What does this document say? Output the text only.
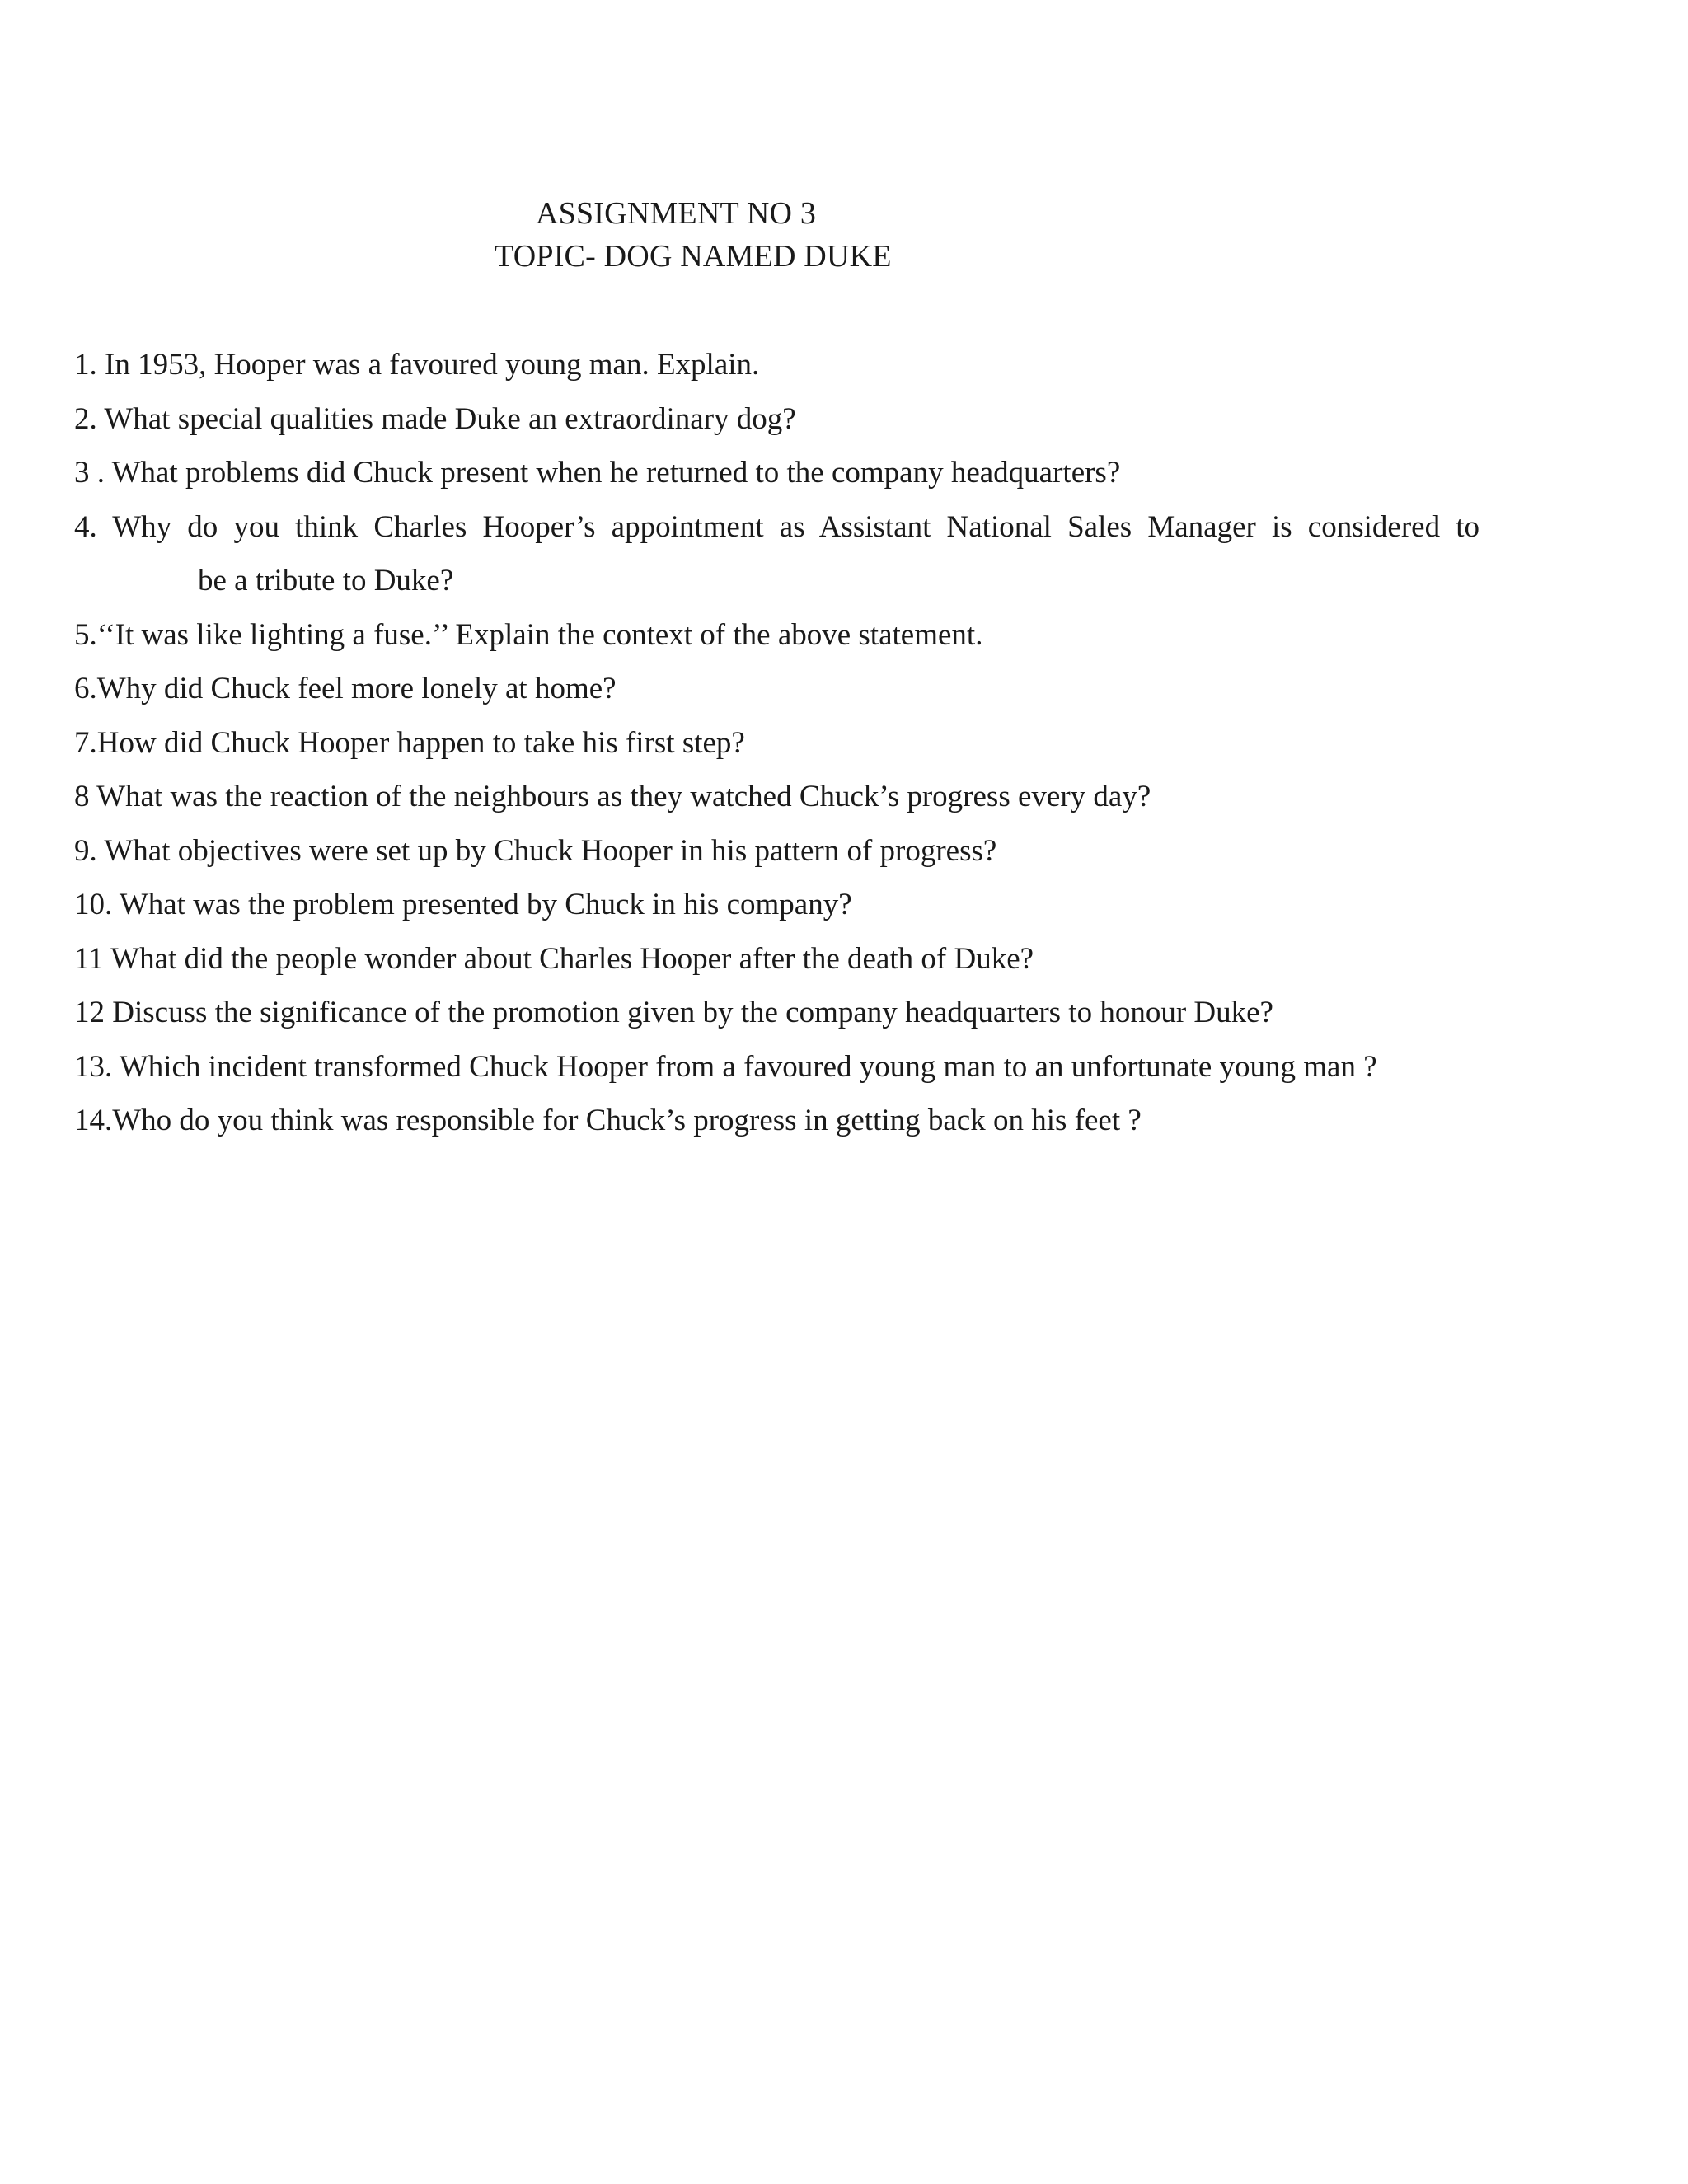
ASSIGNMENT NO 3
TOPIC- DOG NAMED DUKE
1. In 1953, Hooper was a favoured young man. Explain.
2. What special qualities made Duke an extraordinary dog?
3 . What problems did Chuck present when he returned to the company headquarters?
4. Why do you think Charles Hooper’s appointment as Assistant National Sales Manager is considered to
be a tribute to Duke?
5.‘‘It was like lighting a fuse.’’ Explain the context of the above statement.
6.Why did Chuck feel more lonely at home?
7.How did Chuck Hooper happen to take his first step?
8 What was the reaction of the neighbours as they watched Chuck’s progress every day?
9. What objectives were set up by Chuck Hooper in his pattern of progress?
10. What was the problem presented by Chuck in his company?
11 What did the people wonder about Charles Hooper after the death of Duke?
12 Discuss the significance of the promotion given by the company headquarters to honour Duke?
13. Which incident transformed Chuck Hooper from a favoured young man to an unfortunate young man ?
14.Who do you think was responsible for Chuck’s progress in getting back on his feet ?
